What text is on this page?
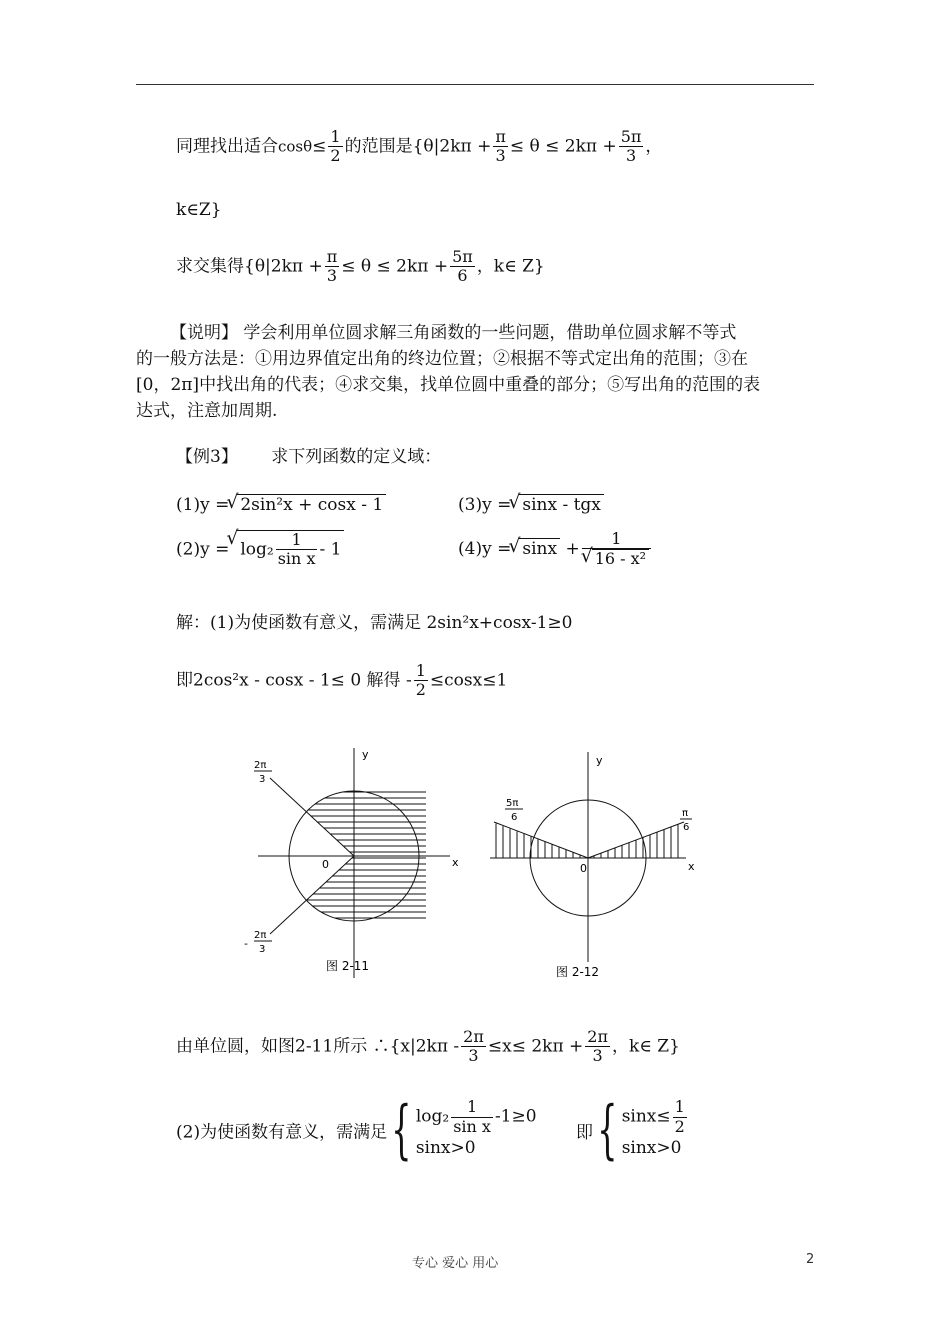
同理找出适合$\cos\theta\le \frac{1}{2}$ 的范围是{$\theta|2k\pi + \frac{\pi}{3} \le \theta \le 2k\pi + \frac{5\pi}{3}$ ，
k∈Z}
求交集得{$\theta|2k\pi + \frac{\pi}{3} \le \theta \le 2k\pi + \frac{5\pi}{6}$ ，k∈ Z}
【说明】 学会利用单位圆求解三角函数的一些问题，借助单位圆求解不等式
的一般方法是：①用边界值定出角的终边位置；②根据不等式定出角的范围；③在
[0，2π]中找出角的代表；④求交集，找单位圆中重叠的部分；⑤写出角的范围的表
达式，注意加周期.
【例3】 求下列函数的定义域：
(1)y = √ 2sin²x + cosx - 1	(3)y = √ sinx - tgx
(2)y = √ $\log_2 \frac{1}{\text{sin x}} - 1$	(4)y = √ sinx + 1
√ 16 - x²
解：(1)为使函数有意义，需满足 2sin²x+cosx-1≥0
即2cos²x - cosx - 1≤ 0 解得 - $\frac{1}{2} \le\cos x\le 1$
y
x
0
2π
3
-
2π
3
图 2-11
y
x
0
5π
6	π
6
图 2-12
由单位圆，如图2-11所示 ∴{x|2kπ - $\frac{2\pi}{3} \le x\le 2k\pi + \frac{2\pi}{3}$ ，k∈ Z}
(2)为使函数有意义，需满足{ $\log_2 \frac{1}{\text{sin x}} -1\ge 0$
sinx>0
即{ $\sin x\le \frac{1}{2}$
sinx>0
专心 爱心 用心	2
